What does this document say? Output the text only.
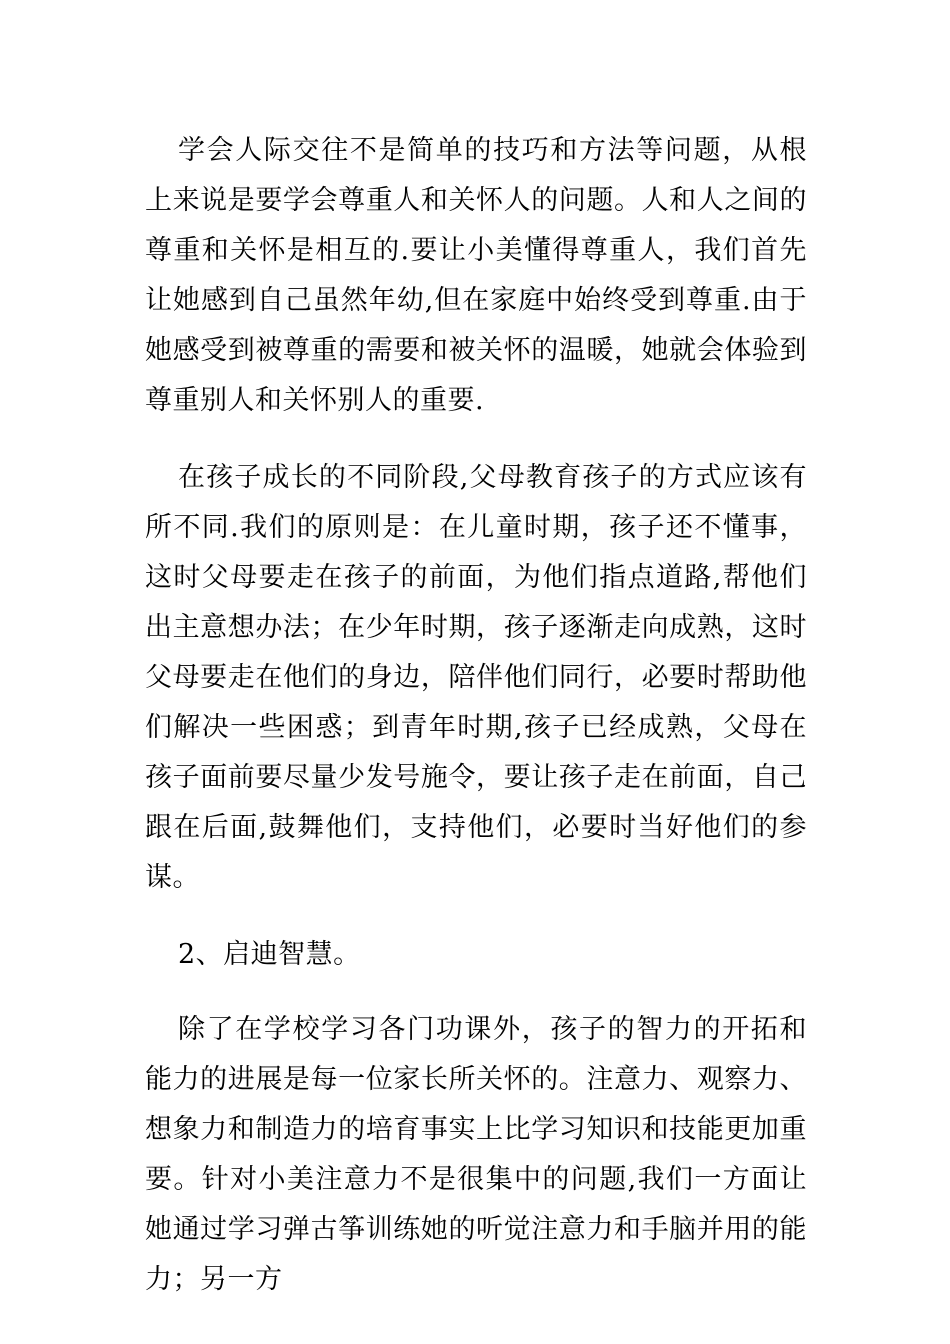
学会人际交往不是简单的技巧和方法等问题，从根上来说是要学会尊重人和关怀人的问题。人和人之间的尊重和关怀是相互的.要让小美懂得尊重人，我们首先让她感到自己虽然年幼,但在家庭中始终受到尊重.由于她感受到被尊重的需要和被关怀的温暖，她就会体验到尊重别人和关怀别人的重要.

在孩子成长的不同阶段,父母教育孩子的方式应该有所不同.我们的原则是：在儿童时期，孩子还不懂事，这时父母要走在孩子的前面，为他们指点道路,帮他们出主意想办法；在少年时期，孩子逐渐走向成熟，这时父母要走在他们的身边，陪伴他们同行，必要时帮助他们解决一些困惑；到青年时期,孩子已经成熟，父母在孩子面前要尽量少发号施令，要让孩子走在前面，自己跟在后面,鼓舞他们，支持他们，必要时当好他们的参谋。

2、启迪智慧。

除了在学校学习各门功课外，孩子的智力的开拓和能力的进展是每一位家长所关怀的。注意力、观察力、想象力和制造力的培育事实上比学习知识和技能更加重要。针对小美注意力不是很集中的问题,我们一方面让她通过学习弹古筝训练她的听觉注意力和手脑并用的能力；另一方
